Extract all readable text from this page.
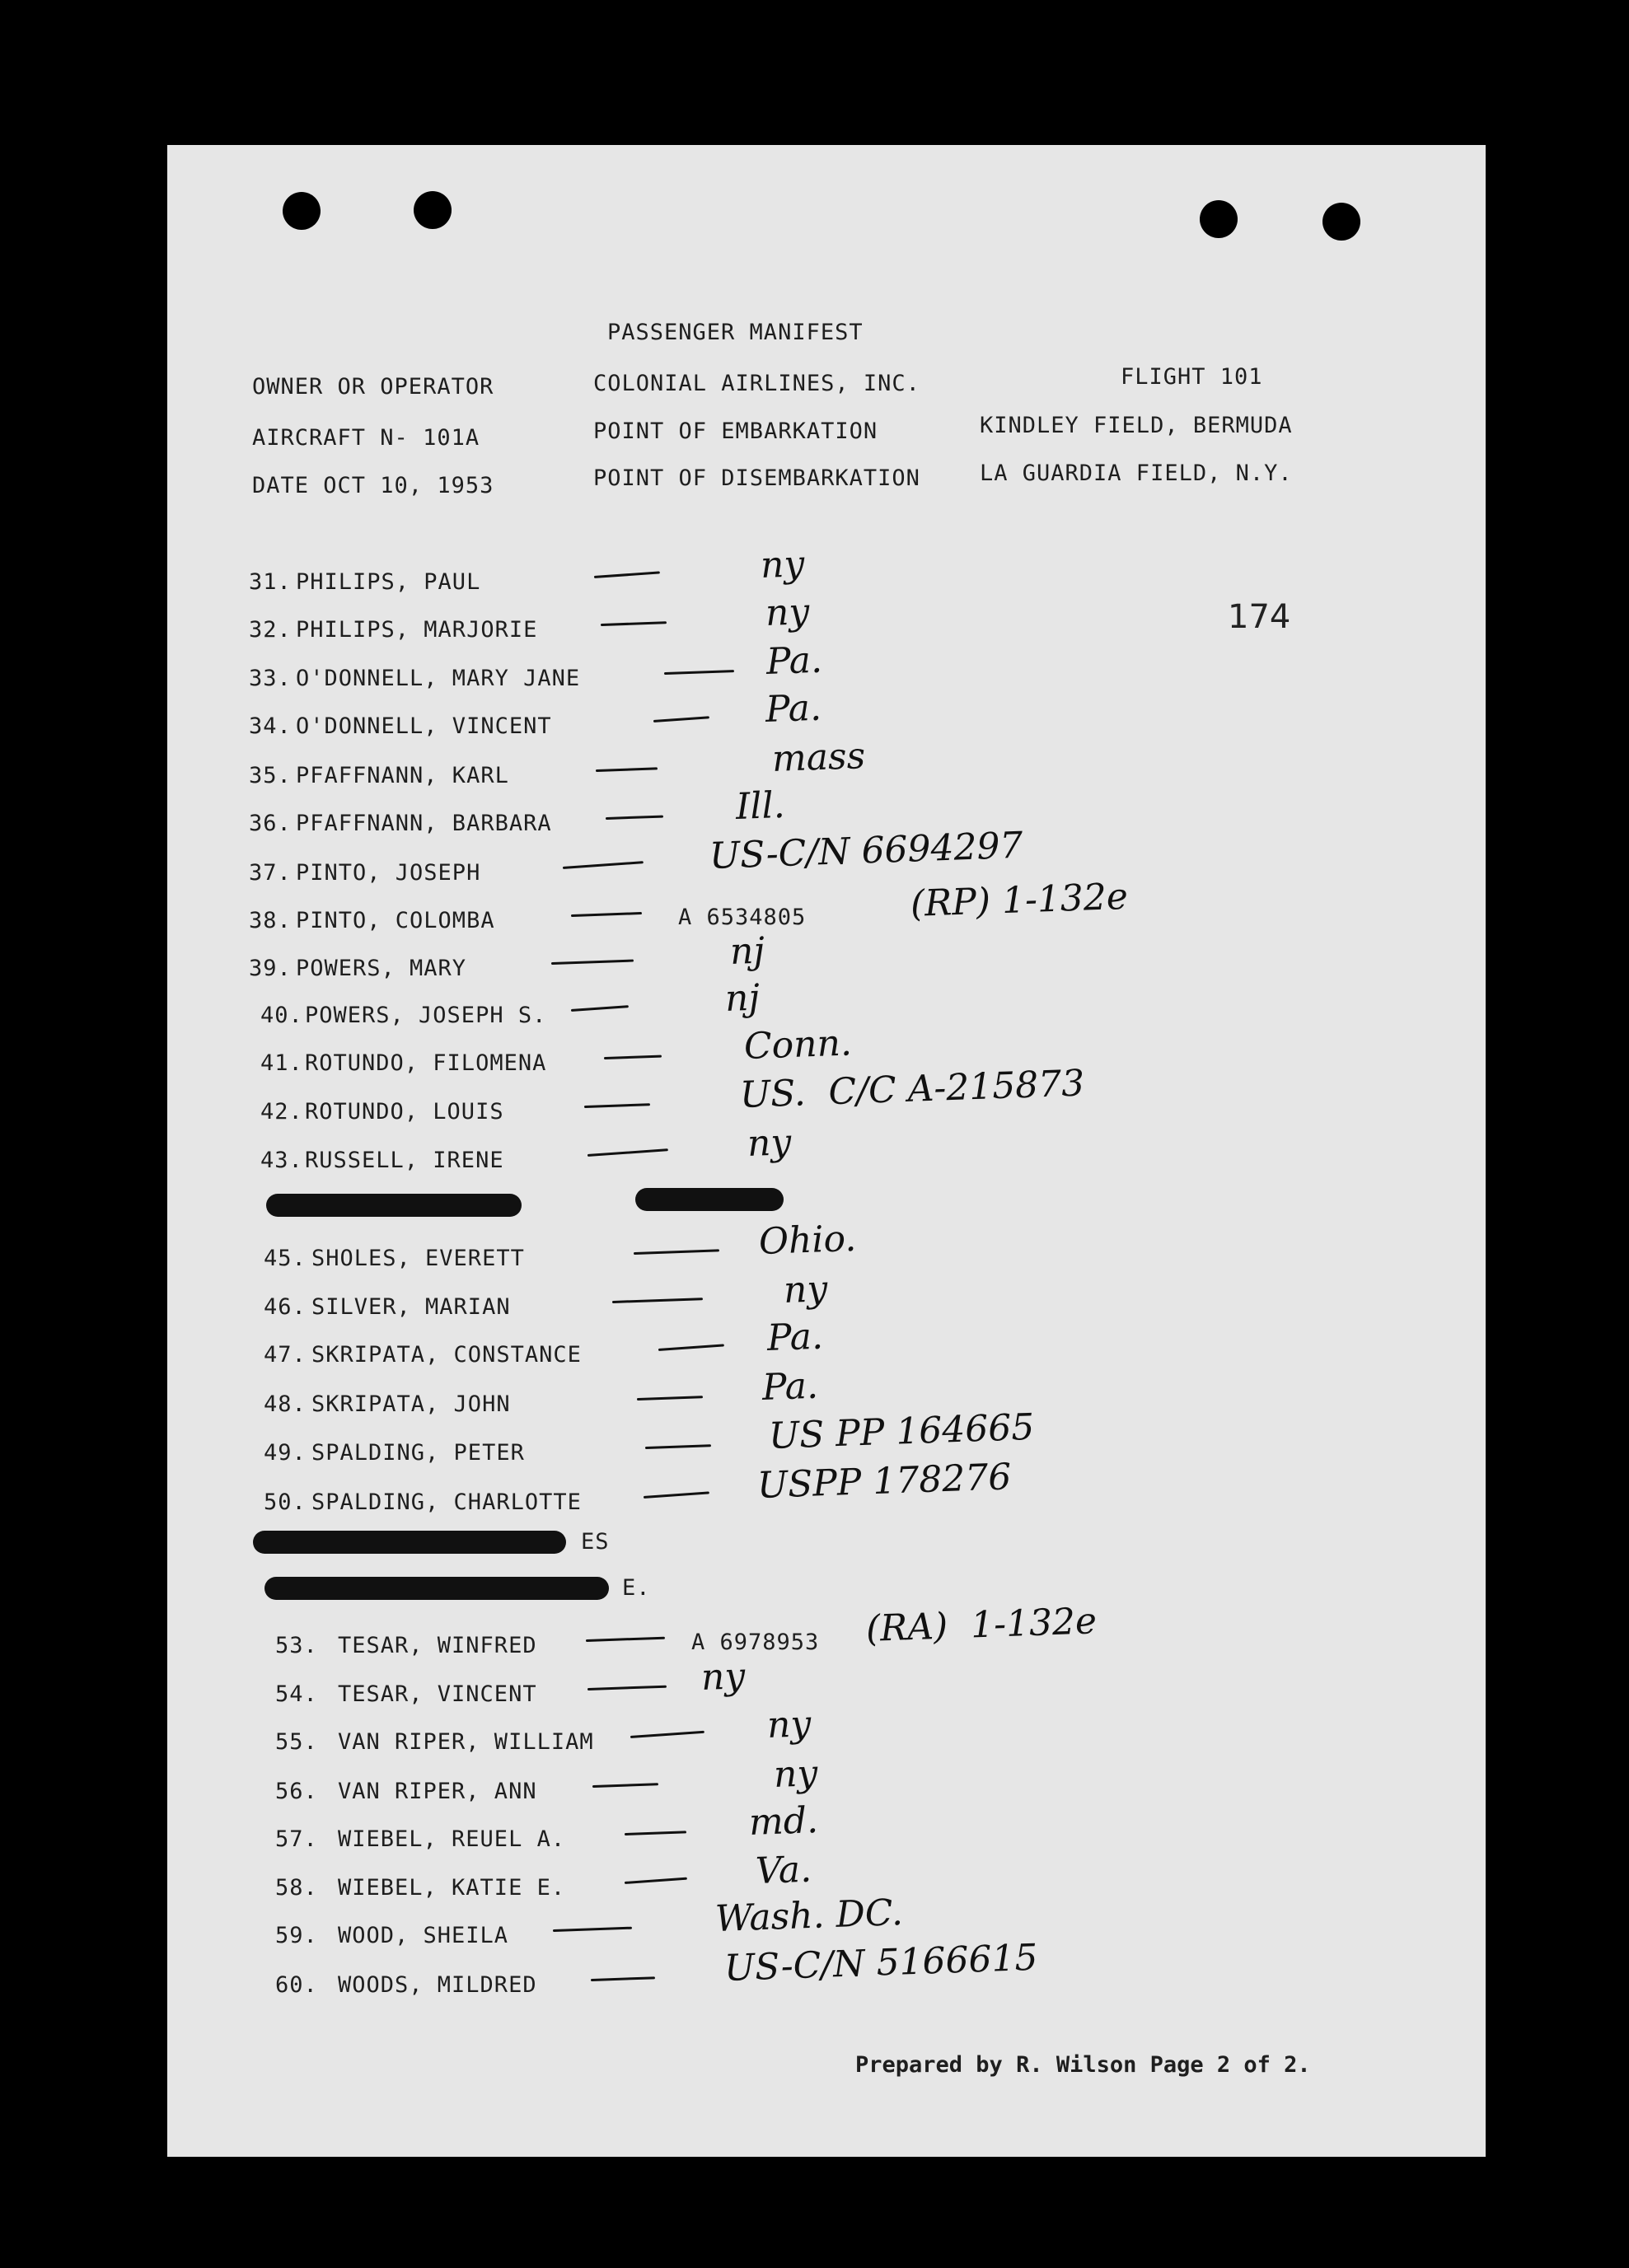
PASSENGER MANIFEST
OWNER OR OPERATOR	COLONIAL AIRLINES, INC.	FLIGHT 101
AIRCRAFT N- 101A	POINT OF EMBARKATION	KINDLEY FIELD, BERMUDA
DATE OCT 10, 1953	POINT OF DISEMBARKATION	LA GUARDIA FIELD, N.Y.
174
31. PHILIPS, PAUL	ny
32. PHILIPS, MARJORIE	ny
33. O'DONNELL, MARY JANE	Pa.
34. O'DONNELL, VINCENT	Pa.
35. PFAFFNANN, KARL	mass
36. PFAFFNANN, BARBARA	Ill.
37. PINTO, JOSEPH	US-C/N 6694297
38. PINTO, COLOMBA	A 6534805	(RP) 1-132e
39. POWERS, MARY	nj
40. POWERS, JOSEPH S.	nj
41. ROTUNDO, FILOMENA	Conn.
42. ROTUNDO, LOUIS	US.  C/C A-215873
43. RUSSELL, IRENE	ny
45. SHOLES, EVERETT	Ohio.
46. SILVER, MARIAN	ny
47. SKRIPATA, CONSTANCE	Pa.
48. SKRIPATA, JOHN	Pa.
49. SPALDING, PETER	US PP 164665
50. SPALDING, CHARLOTTE	USPP 178276
53. TESAR, WINFRED	A 6978953 (RA)  1-132e
54. TESAR, VINCENT	ny
55. VAN RIPER, WILLIAM	ny
56. VAN RIPER, ANN	ny
57. WIEBEL, REUEL A.	md.
58. WIEBEL, KATIE E.	Va.
59. WOOD, SHEILA	Wash. DC.
60. WOODS, MILDRED	US-C/N 5166615
ES
E.
Prepared by R. Wilson Page 2 of 2.
